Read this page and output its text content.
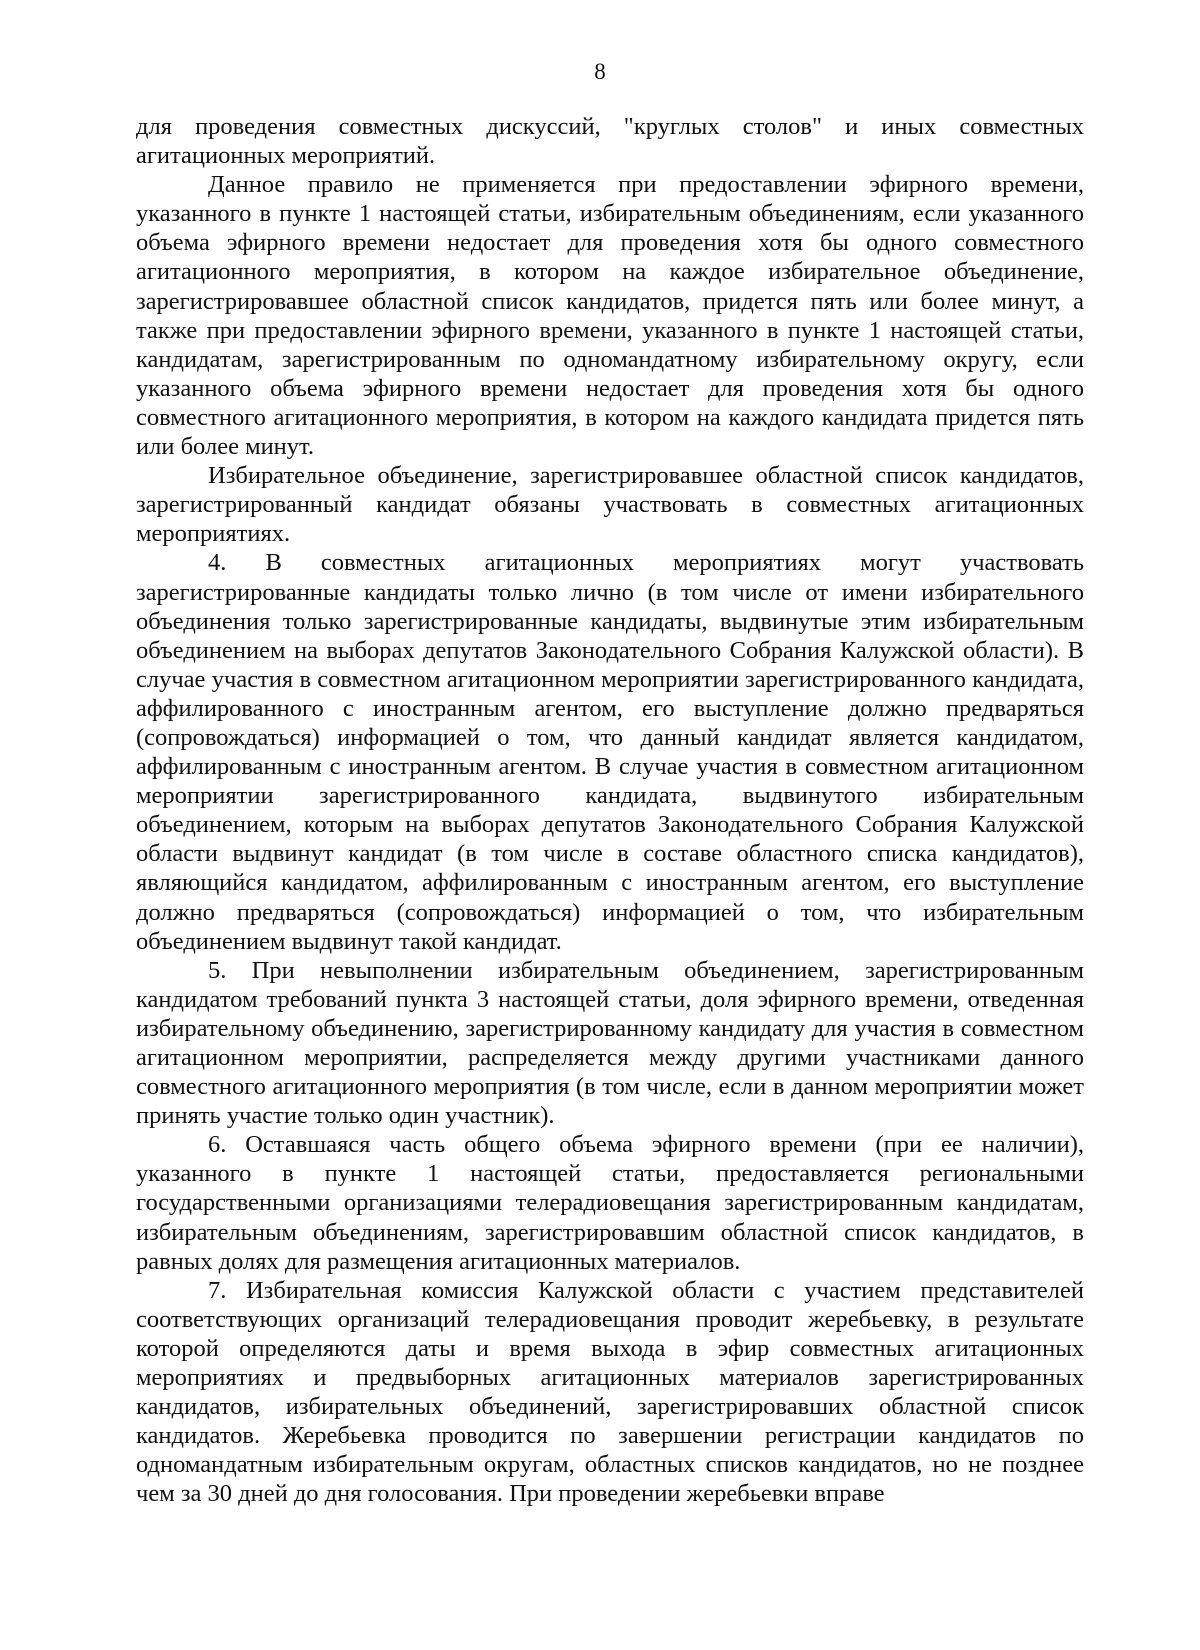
8

для проведения совместных дискуссий, "круглых столов" и иных совместных агитационных мероприятий.

Данное правило не применяется при предоставлении эфирного времени, указанного в пункте 1 настоящей статьи, избирательным объединениям, если указанного объема эфирного времени недостает для проведения хотя бы одного совместного агитационного мероприятия, в котором на каждое избирательное объединение, зарегистрировавшее областной список кандидатов, придется пять или более минут, а также при предоставлении эфирного времени, указанного в пункте 1 настоящей статьи, кандидатам, зарегистрированным по одномандатному избирательному округу, если указанного объема эфирного времени недостает для проведения хотя бы одного совместного агитационного мероприятия, в котором на каждого кандидата придется пять или более минут.

Избирательное объединение, зарегистрировавшее областной список кандидатов, зарегистрированный кандидат обязаны участвовать в совместных агитационных мероприятиях.

4. В совместных агитационных мероприятиях могут участвовать зарегистрированные кандидаты только лично (в том числе от имени избирательного объединения только зарегистрированные кандидаты, выдвинутые этим избирательным объединением на выборах депутатов Законодательного Собрания Калужской области). В случае участия в совместном агитационном мероприятии зарегистрированного кандидата, аффилированного с иностранным агентом, его выступление должно предваряться (сопровождаться) информацией о том, что данный кандидат является кандидатом, аффилированным с иностранным агентом. В случае участия в совместном агитационном мероприятии зарегистрированного кандидата, выдвинутого избирательным объединением, которым на выборах депутатов Законодательного Собрания Калужской области выдвинут кандидат (в том числе в составе областного списка кандидатов), являющийся кандидатом, аффилированным с иностранным агентом, его выступление должно предваряться (сопровождаться) информацией о том, что избирательным объединением выдвинут такой кандидат.

5. При невыполнении избирательным объединением, зарегистрированным кандидатом требований пункта 3 настоящей статьи, доля эфирного времени, отведенная избирательному объединению, зарегистрированному кандидату для участия в совместном агитационном мероприятии, распределяется между другими участниками данного совместного агитационного мероприятия (в том числе, если в данном мероприятии может принять участие только один участник).

6. Оставшаяся часть общего объема эфирного времени (при ее наличии), указанного в пункте 1 настоящей статьи, предоставляется региональными государственными организациями телерадиовещания зарегистрированным кандидатам, избирательным объединениям, зарегистрировавшим областной список кандидатов, в равных долях для размещения агитационных материалов.

7. Избирательная комиссия Калужской области с участием представителей соответствующих организаций телерадиовещания проводит жеребьевку, в результате которой определяются даты и время выхода в эфир совместных агитационных мероприятиях и предвыборных агитационных материалов зарегистрированных кандидатов, избирательных объединений, зарегистрировавших областной список кандидатов. Жеребьевка проводится по завершении регистрации кандидатов по одномандатным избирательным округам, областных списков кандидатов, но не позднее чем за 30 дней до дня голосования. При проведении жеребьевки вправе
